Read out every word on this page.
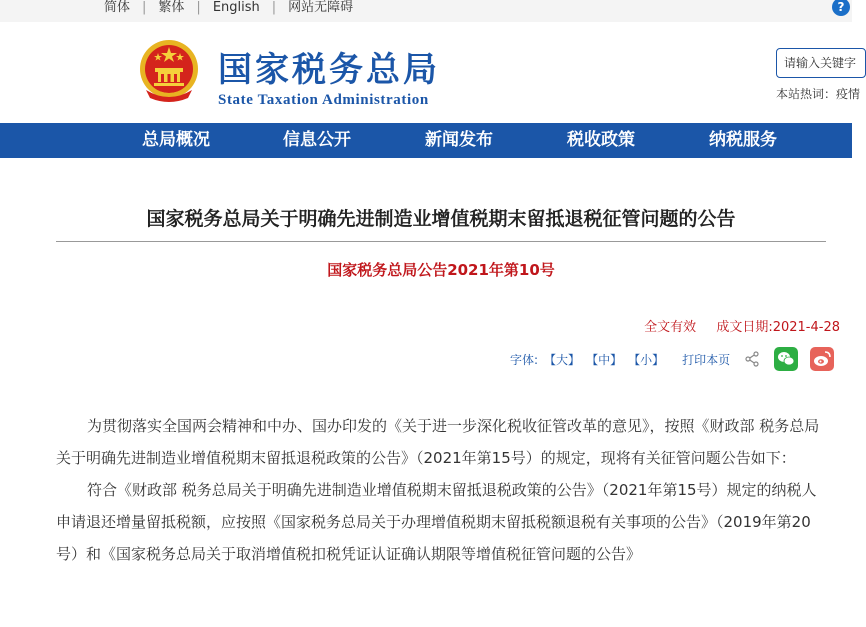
简体 | 繁体 | English | 网站无障碍	?
国家税务总局
State Taxation Administration
请输入关键字
本站热词：疫情
总局概况	信息公开	新闻发布	税收政策	纳税服务
国家税务总局关于明确先进制造业增值税期末留抵退税征管问题的公告
国家税务总局公告2021年第10号
全文有效 成文日期:2021-4-28
字体: 【大】 【中】 【小】 打印本页

为贯彻落实全国两会精神和中办、国办印发的《关于进一步深化税收征管改革的意见》，按照《财政部 税务总局关于明确先进制造业增值税期末留抵退税政策的公告》（2021年第15号）的规定，现将有关征管问题公告如下：

符合《财政部 税务总局关于明确先进制造业增值税期末留抵退税政策的公告》（2021年第15号）规定的纳税人申请退还增量留抵税额，应按照《国家税务总局关于办理增值税期末留抵税额退税有关事项的公告》（2019年第20号）和《国家税务总局关于取消增值税扣税凭证认证确认期限等增值税征管问题的公告》
